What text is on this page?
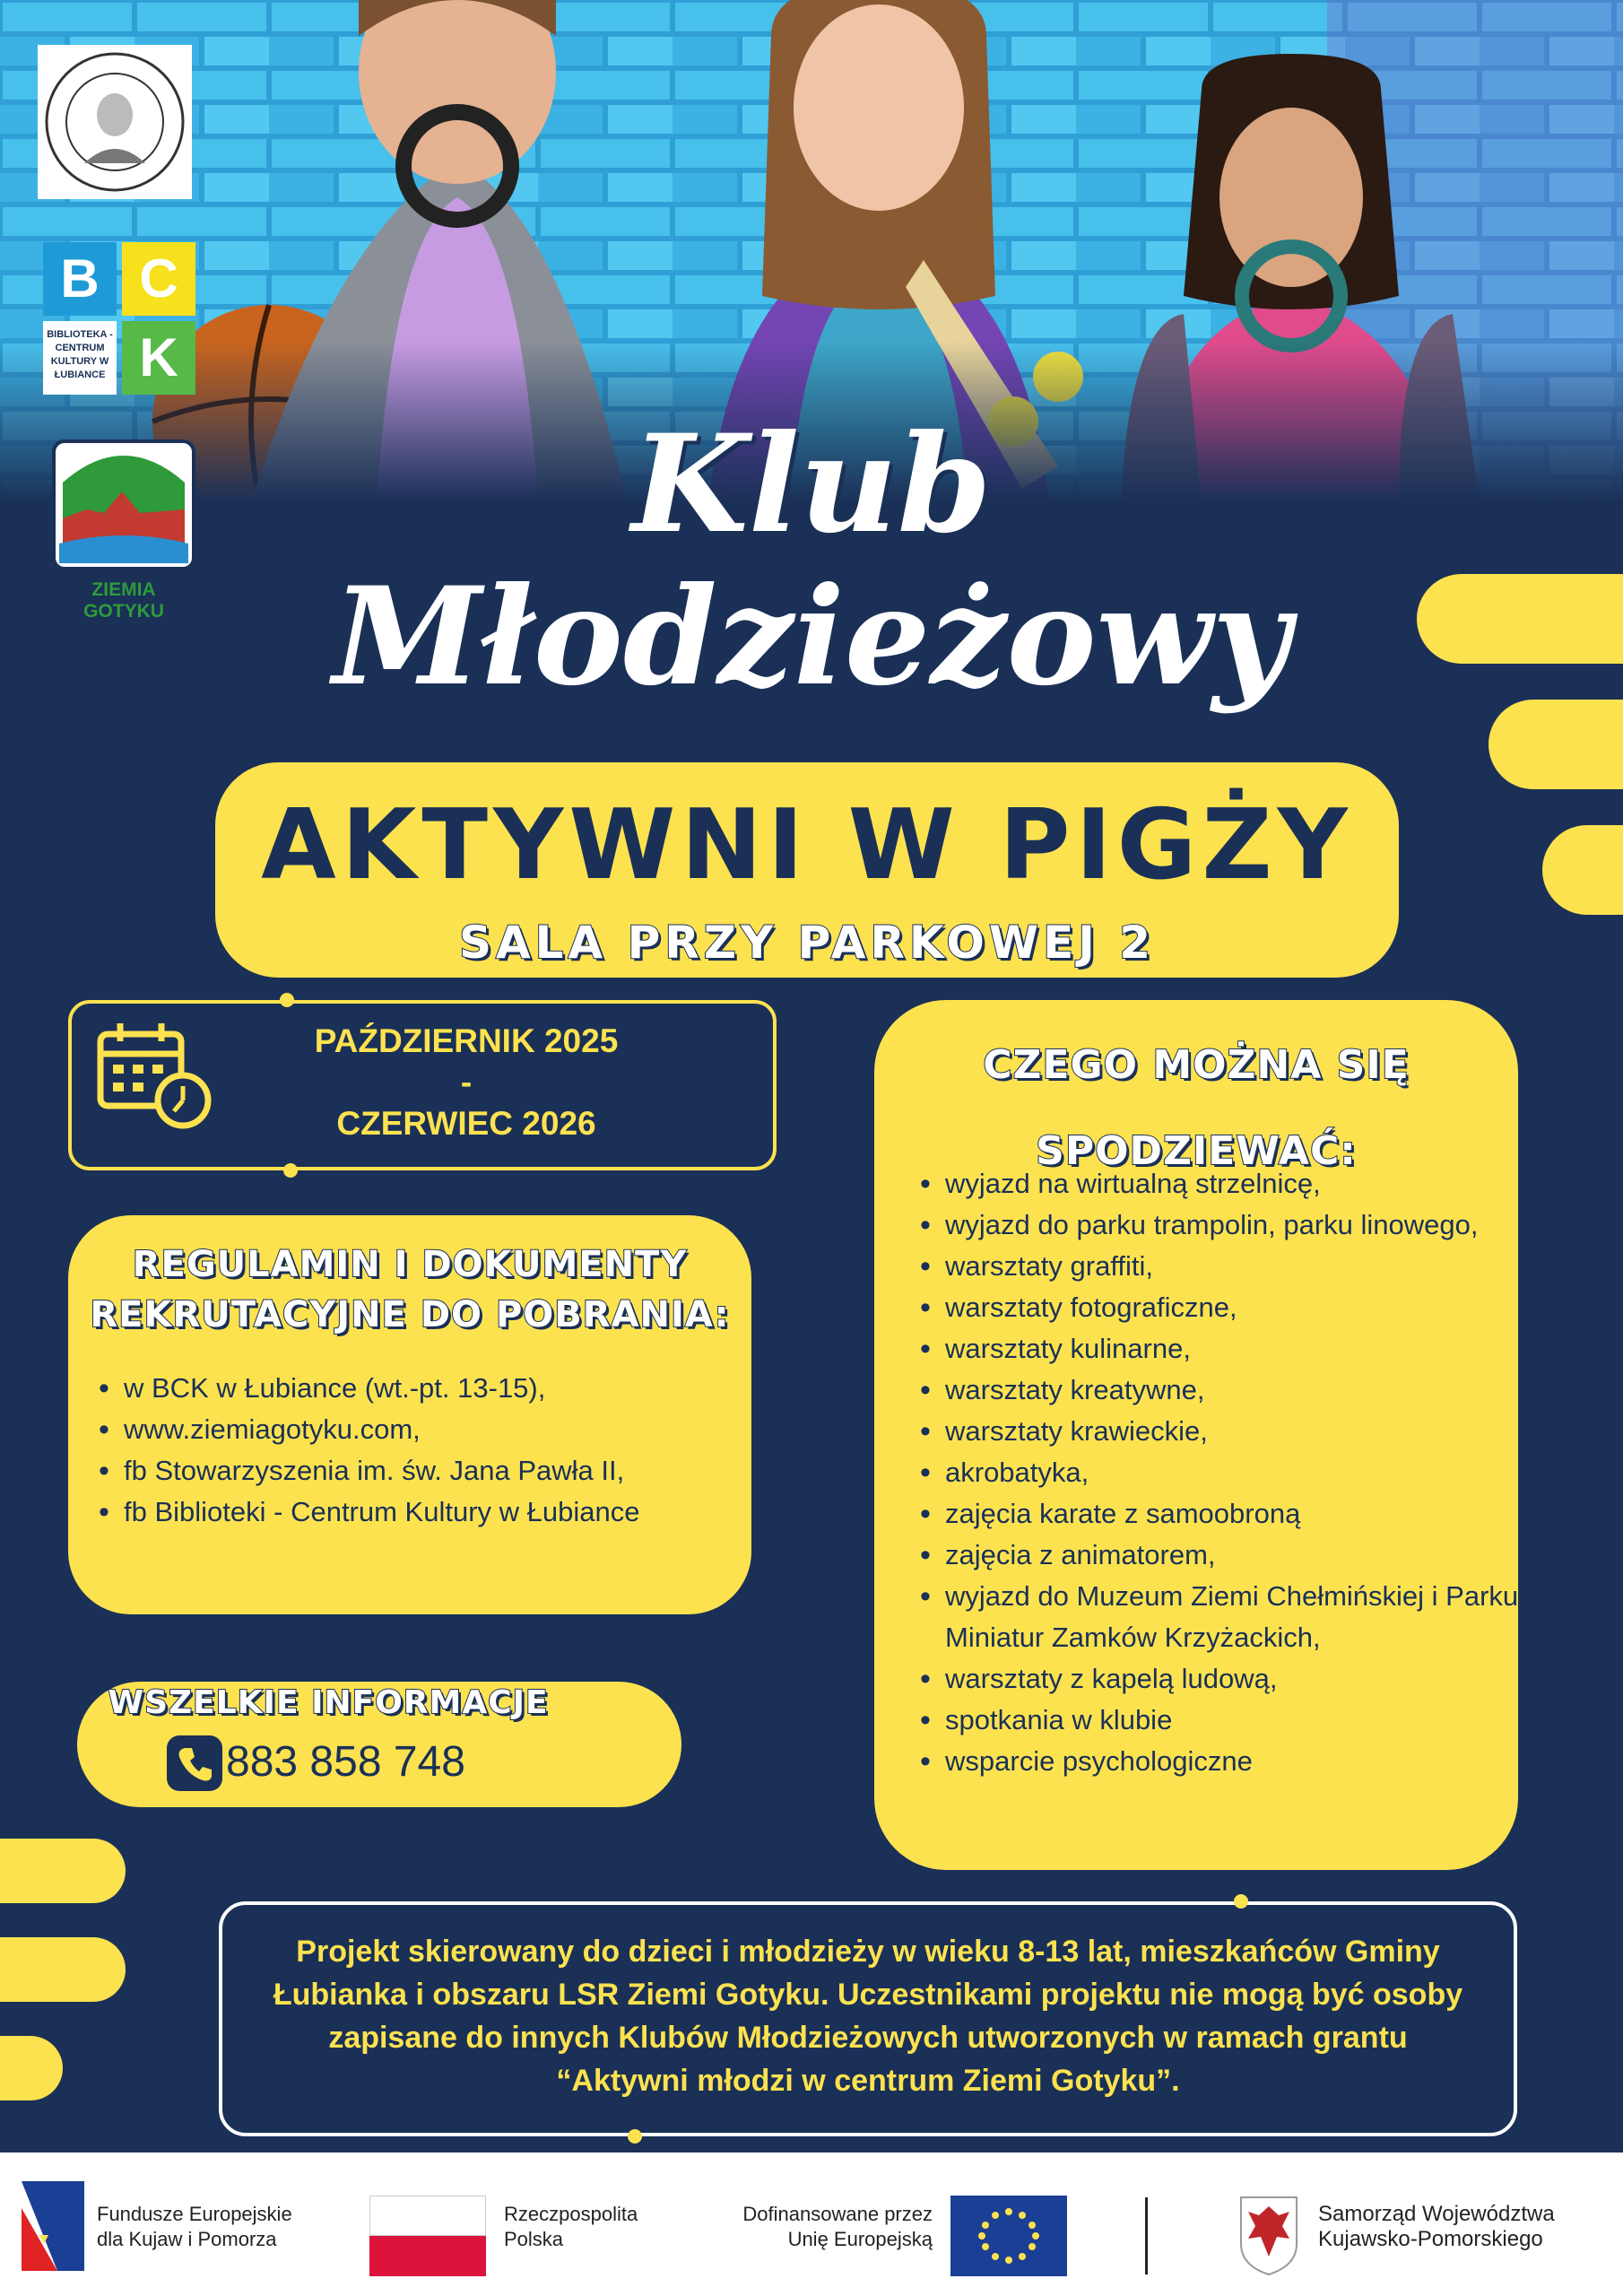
B C
BIBLIOTEKA - CENTRUM KULTURY W ŁUBIANCE K
ZIEMIA GOTYKU
Klub
Młodzieżowy
AKTYWNI W PIGŻY
SALA PRZY PARKOWEJ 2
PAŹDZIERNIK 2025
-
CZERWIEC 2026
REGULAMIN I DOKUMENTY
REKRUTACYJNE DO POBRANIA:
• w BCK w Łubiance (wt.-pt. 13-15),
• www.ziemiagotyku.com,
• fb Stowarzyszenia im. św. Jana Pawła II,
• fb Biblioteki - Centrum Kultury w Łubiance
WSZELKIE INFORMACJE
883 858 748
CZEGO MOŻNA SIĘ
SPODZIEWAĆ:
• wyjazd na wirtualną strzelnicę,
• wyjazd do parku trampolin, parku linowego,
• warsztaty graffiti,
• warsztaty fotograficzne,
• warsztaty kulinarne,
• warsztaty kreatywne,
• warsztaty krawieckie,
• akrobatyka,
• zajęcia karate z samoobroną
• zajęcia z animatorem,
• wyjazd do Muzeum Ziemi Chełmińskiej i Parku Miniatur Zamków Krzyżackich,
• warsztaty z kapelą ludową,
• spotkania w klubie
• wsparcie psychologiczne
Projekt skierowany do dzieci i młodzieży w wieku 8-13 lat, mieszkańców Gminy Łubianka i obszaru LSR Ziemi Gotyku. Uczestnikami projektu nie mogą być osoby zapisane do innych Klubów Młodzieżowych utworzonych w ramach grantu “Aktywni młodzi w centrum Ziemi Gotyku”.
Fundusze Europejskie
dla Kujaw i Pomorza
Rzeczpospolita
Polska
Dofinansowane przez
Unię Europejską
Samorząd Województwa
Kujawsko-Pomorskiego
